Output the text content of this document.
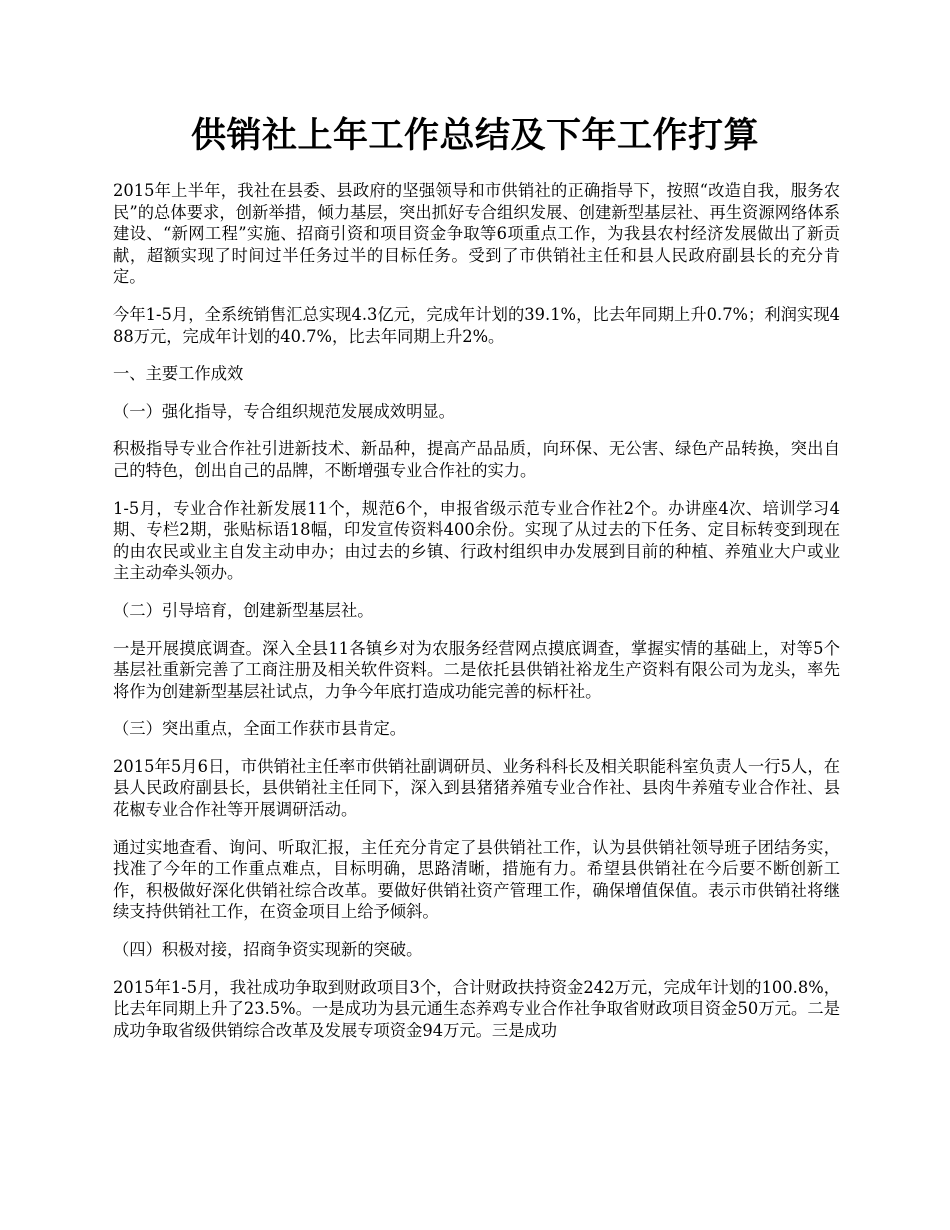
供销社上年工作总结及下年工作打算

2015年上半年，我社在县委、县政府的坚强领导和市供销社的正确指导下，按照“改造自我，服务农民”的总体要求，创新举措，倾力基层，突出抓好专合组织发展、创建新型基层社、再生资源网络体系建设、“新网工程”实施、招商引资和项目资金争取等6项重点工作，为我县农村经济发展做出了新贡献，超额实现了时间过半任务过半的目标任务。受到了市供销社主任和县人民政府副县长的充分肯定。

今年1-5月，全系统销售汇总实现4.3亿元，完成年计划的39.1%，比去年同期上升0.7%；利润实现488万元，完成年计划的40.7%，比去年同期上升2%。

一、主要工作成效

（一）强化指导，专合组织规范发展成效明显。

积极指导专业合作社引进新技术、新品种，提高产品品质，向环保、无公害、绿色产品转换，突出自己的特色，创出自己的品牌，不断增强专业合作社的实力。

1-5月，专业合作社新发展11个，规范6个，申报省级示范专业合作社2个。办讲座4次、培训学习4期、专栏2期，张贴标语18幅，印发宣传资料400余份。实现了从过去的下任务、定目标转变到现在的由农民或业主自发主动申办；由过去的乡镇、行政村组织申办发展到目前的种植、养殖业大户或业主主动牵头领办。

（二）引导培育，创建新型基层社。

一是开展摸底调查。深入全县11各镇乡对为农服务经营网点摸底调查，掌握实情的基础上，对等5个基层社重新完善了工商注册及相关软件资料。二是依托县供销社裕龙生产资料有限公司为龙头，率先将作为创建新型基层社试点，力争今年底打造成功能完善的标杆社。

（三）突出重点，全面工作获市县肯定。

2015年5月6日，市供销社主任率市供销社副调研员、业务科科长及相关职能科室负责人一行5人，在县人民政府副县长，县供销社主任同下，深入到县猪猪养殖专业合作社、县肉牛养殖专业合作社、县花椒专业合作社等开展调研活动。

通过实地查看、询问、听取汇报，主任充分肯定了县供销社工作，认为县供销社领导班子团结务实，找准了今年的工作重点难点，目标明确，思路清晰，措施有力。希望县供销社在今后要不断创新工作，积极做好深化供销社综合改革。要做好供销社资产管理工作，确保增值保值。表示市供销社将继续支持供销社工作，在资金项目上给予倾斜。

（四）积极对接，招商争资实现新的突破。

2015年1-5月，我社成功争取到财政项目3个，合计财政扶持资金242万元，完成年计划的100.8%，比去年同期上升了23.5%。一是成功为县元通生态养鸡专业合作社争取省财政项目资金50万元。二是成功争取省级供销综合改革及发展专项资金94万元。三是成功
